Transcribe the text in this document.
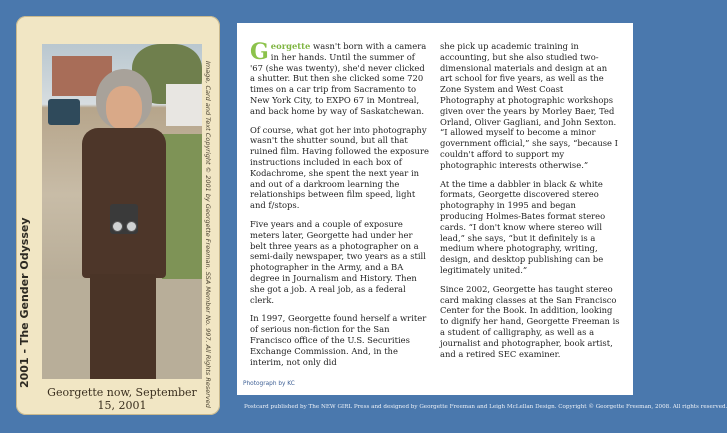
Georgette now, September 15, 2001
2001 - The Gender Odyssey	Image, Card and Text Copyright © 2001 by Georgette Freeman. SSA Member No. 997. All Rights Reserved

Georgette wasn't born with a camera in her hands. Until the summer of '67 (she was twenty), she'd never clicked a shutter. But then she clicked some 720 times on a car trip from Sacramento to New York City, to EXPO 67 in Montreal, and back home by way of Saskatchewan.

Of course, what got her into photography wasn't the shutter sound, but all that ruined film. Having followed the exposure instructions included in each box of Kodachrome, she spent the next year in and out of a darkroom learning the relationships between film speed, light and f/stops.

Five years and a couple of exposure meters later, Georgette had under her belt three years as a photographer on a semi-daily newspaper, two years as a still photographer in the Army, and a BA degree in Journalism and History. Then she got a job. A real job, as a federal clerk.

In 1997, Georgette found herself a writer of serious non-fiction for the San Francisco office of the U.S. Securities Exchange Commission. And, in the interim, not only did

she pick up academic training in accounting, but she also studied two-dimensional materials and design at an art school for five years, as well as the Zone System and West Coast Photography at photographic workshops given over the years by Morley Baer, Ted Orland, Oliver Gagliani, and John Sexton. “I allowed myself to become a minor government official,” she says, “because I couldn't afford to support my photographic interests otherwise.”

At the time a dabbler in black & white formats, Georgette discovered stereo photography in 1995 and began producing Holmes-Bates format stereo cards. “I don't know where stereo will lead,” she says, “but it definitely is a medium where photography, writing, design, and desktop publishing can be legitimately united.”

Since 2002, Georgette has taught stereo card making classes at the San Francisco Center for the Book. In addition, looking to dignify her hand, Georgette Freeman is a student of calligraphy, as well as a journalist and photographer, book artist, and a retired SEC examiner.

Photograph by KC
Postcard published by The NEW GIRL Press and designed by Georgette Freeman and Leigh McLellan Design. Copyright © Georgette Freeman, 2008. All rights reserved.
